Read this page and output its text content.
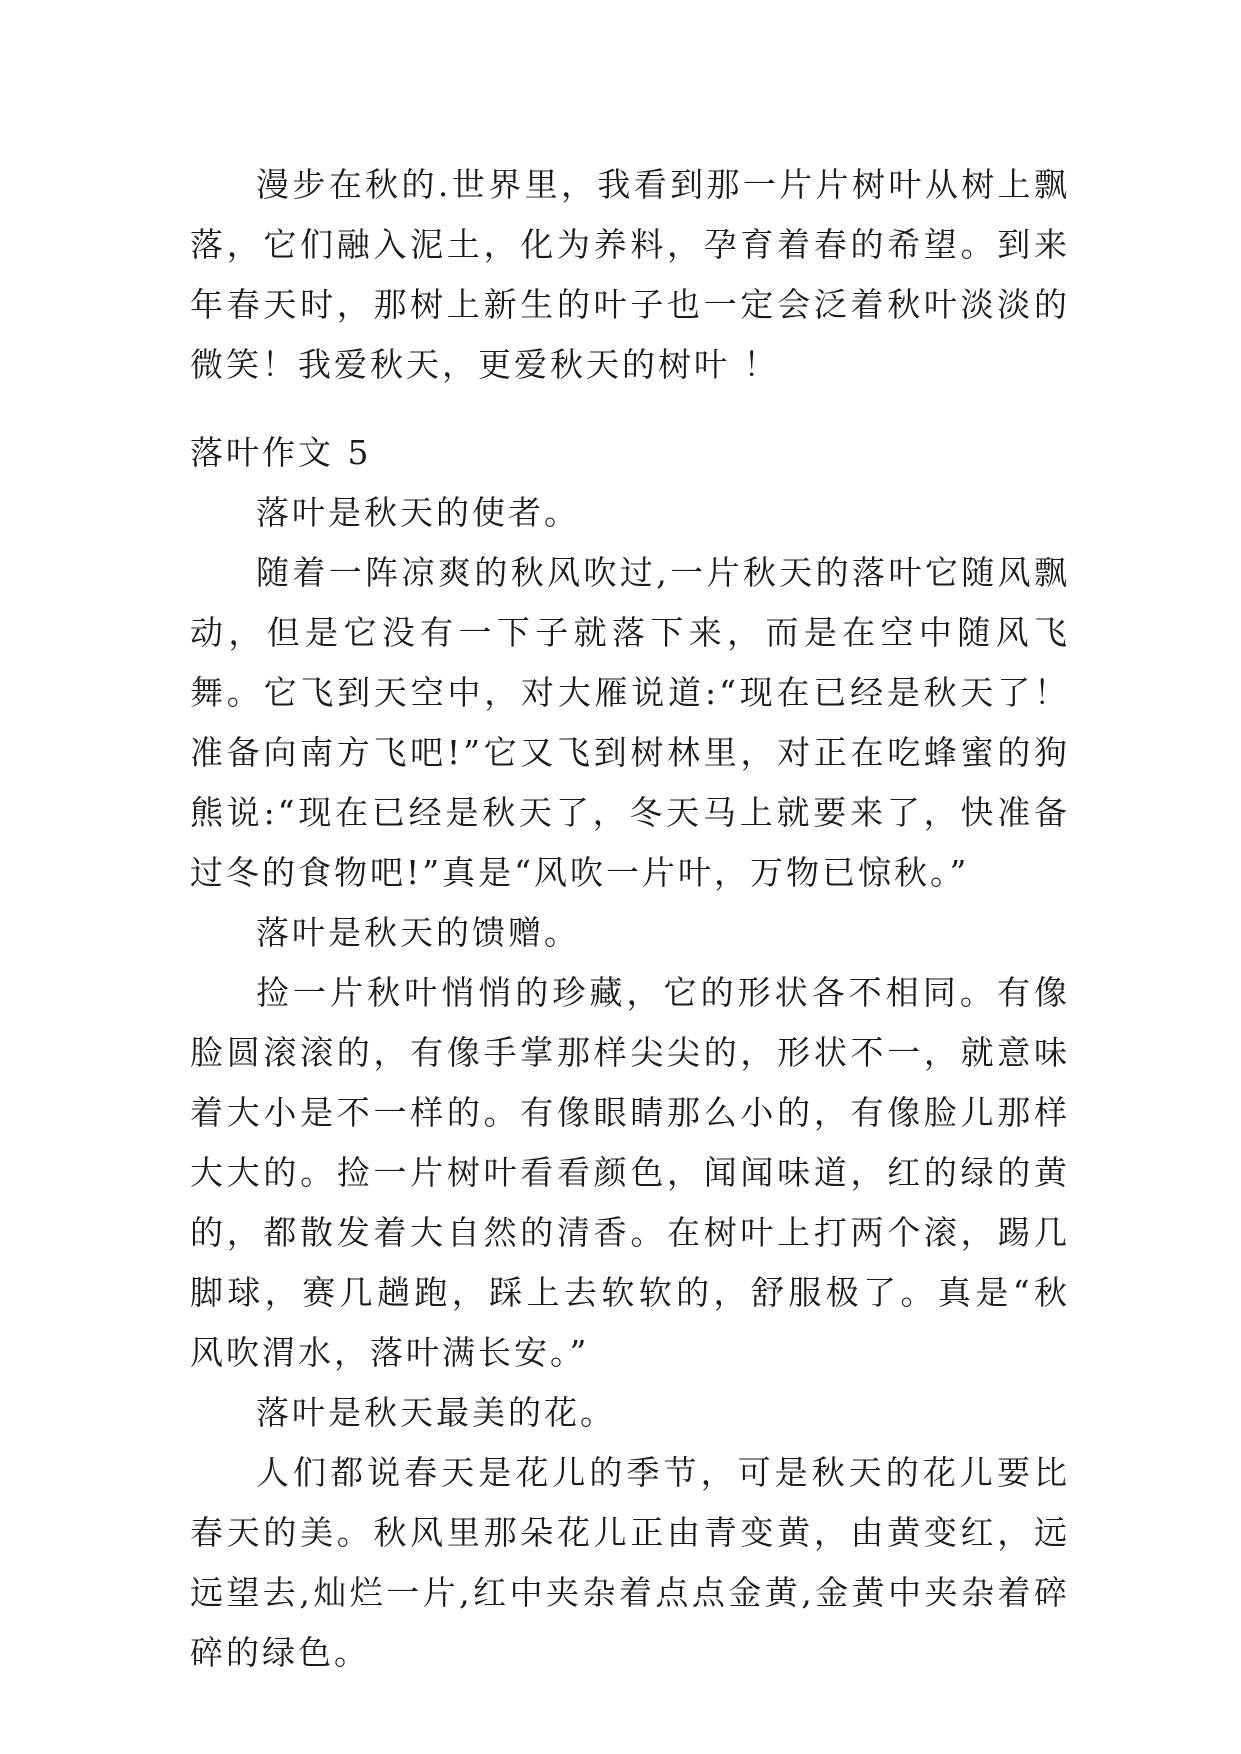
漫步在秋的.世界里，我看到那一片片树叶从树上飘落，它们融入泥土，化为养料，孕育着春的希望。到来年春天时，那树上新生的叶子也一定会泛着秋叶淡淡的微笑！我爱秋天，更爱秋天的树叶 ！

落叶作文 5

落叶是秋天的使者。

随着一阵凉爽的秋风吹过,一片秋天的落叶它随风飘动，但是它没有一下子就落下来，而是在空中随风飞舞。它飞到天空中，对大雁说道:“现在已经是秋天了！准备向南方飞吧!”它又飞到树林里，对正在吃蜂蜜的狗熊说:“现在已经是秋天了，冬天马上就要来了，快准备过冬的食物吧!”真是“风吹一片叶，万物已惊秋。”

落叶是秋天的馈赠。

捡一片秋叶悄悄的珍藏，它的形状各不相同。有像脸圆滚滚的，有像手掌那样尖尖的，形状不一，就意味着大小是不一样的。有像眼睛那么小的，有像脸儿那样大大的。捡一片树叶看看颜色，闻闻味道，红的绿的黄的，都散发着大自然的清香。在树叶上打两个滚，踢几脚球，赛几趟跑，踩上去软软的，舒服极了。真是“秋风吹渭水，落叶满长安。”

落叶是秋天最美的花。

人们都说春天是花儿的季节，可是秋天的花儿要比春天的美。秋风里那朵花儿正由青变黄，由黄变红，远远望去,灿烂一片,红中夹杂着点点金黄,金黄中夹杂着碎碎的绿色。
